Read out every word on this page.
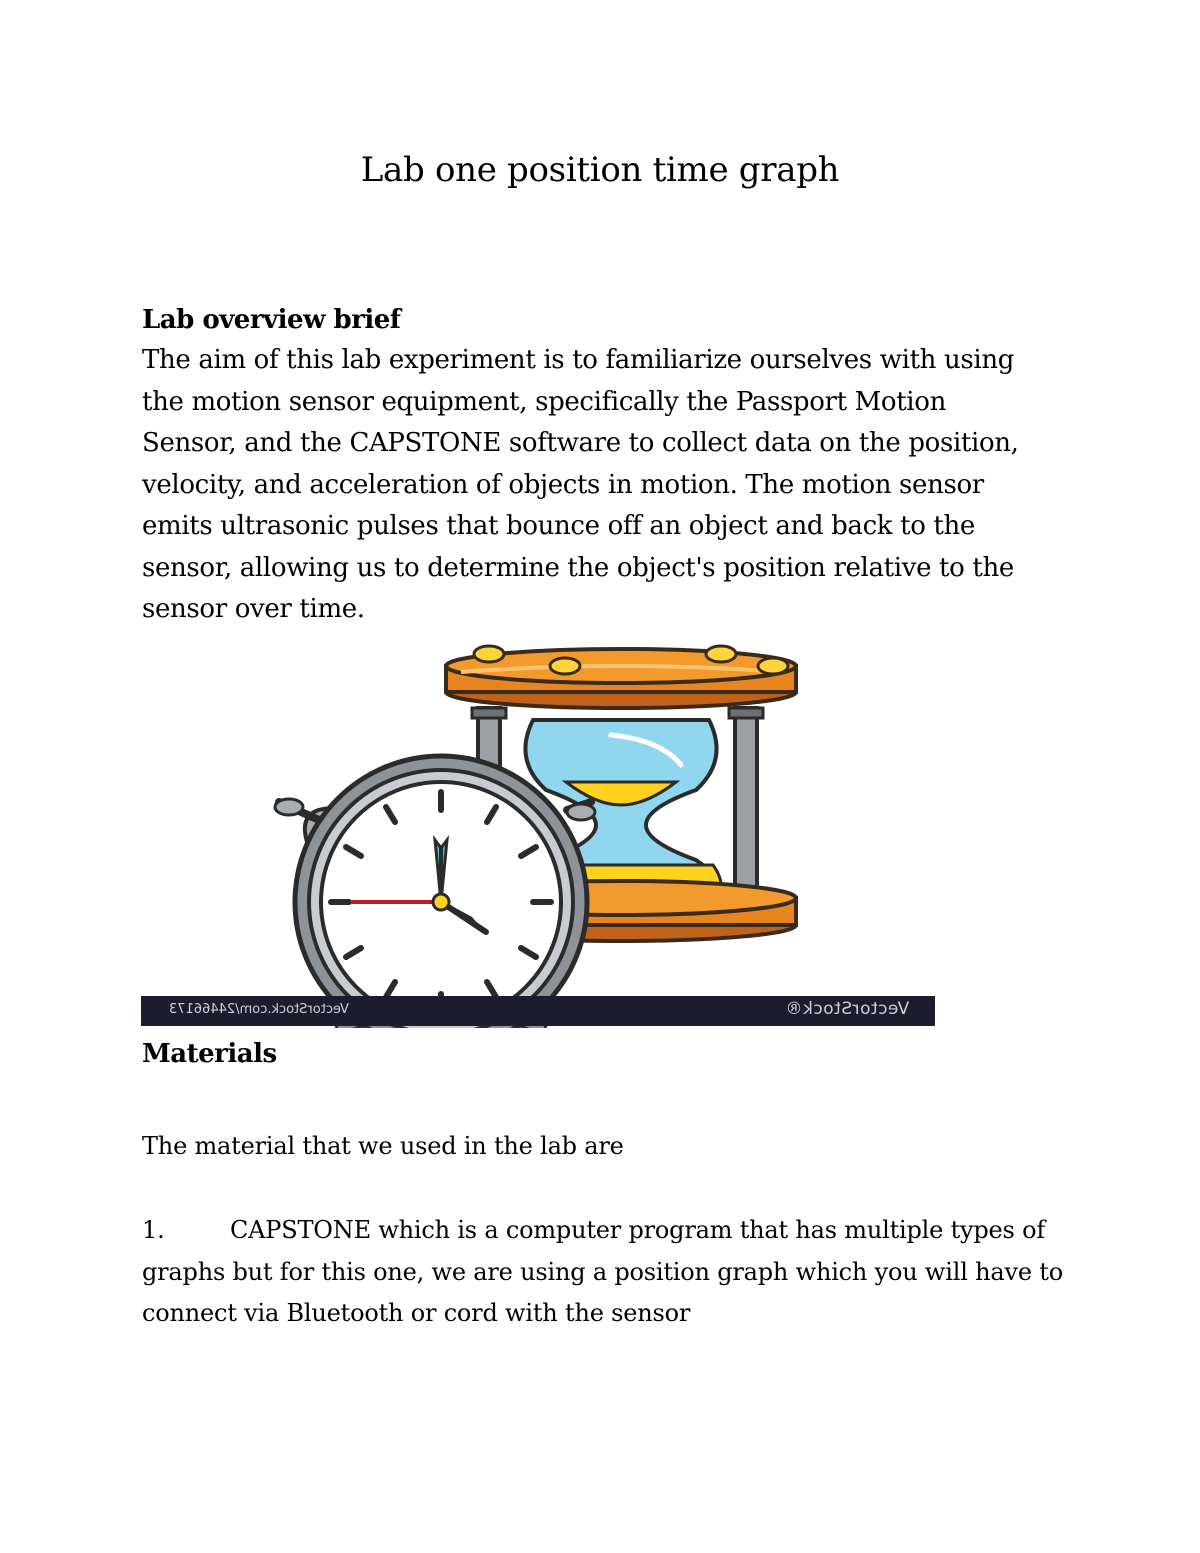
Lab one position time graph
Lab overview brief

The aim of this lab experiment is to familiarize ourselves with using
the motion sensor equipment, specifically the Passport Motion
Sensor, and the CAPSTONE software to collect data on the position,
velocity, and acceleration of objects in motion. The motion sensor
emits ultrasonic pulses that bounce off an object and back to the
sensor, allowing us to determine the object's position relative to the
sensor over time.

VectorStock.com/24466173	VectorStock®
Materials
The material that we used in the lab are
1.	CAPSTONE which is a computer program that has multiple types of
graphs but for this one, we are using a position graph which you will have to
connect via Bluetooth or cord with the sensor
